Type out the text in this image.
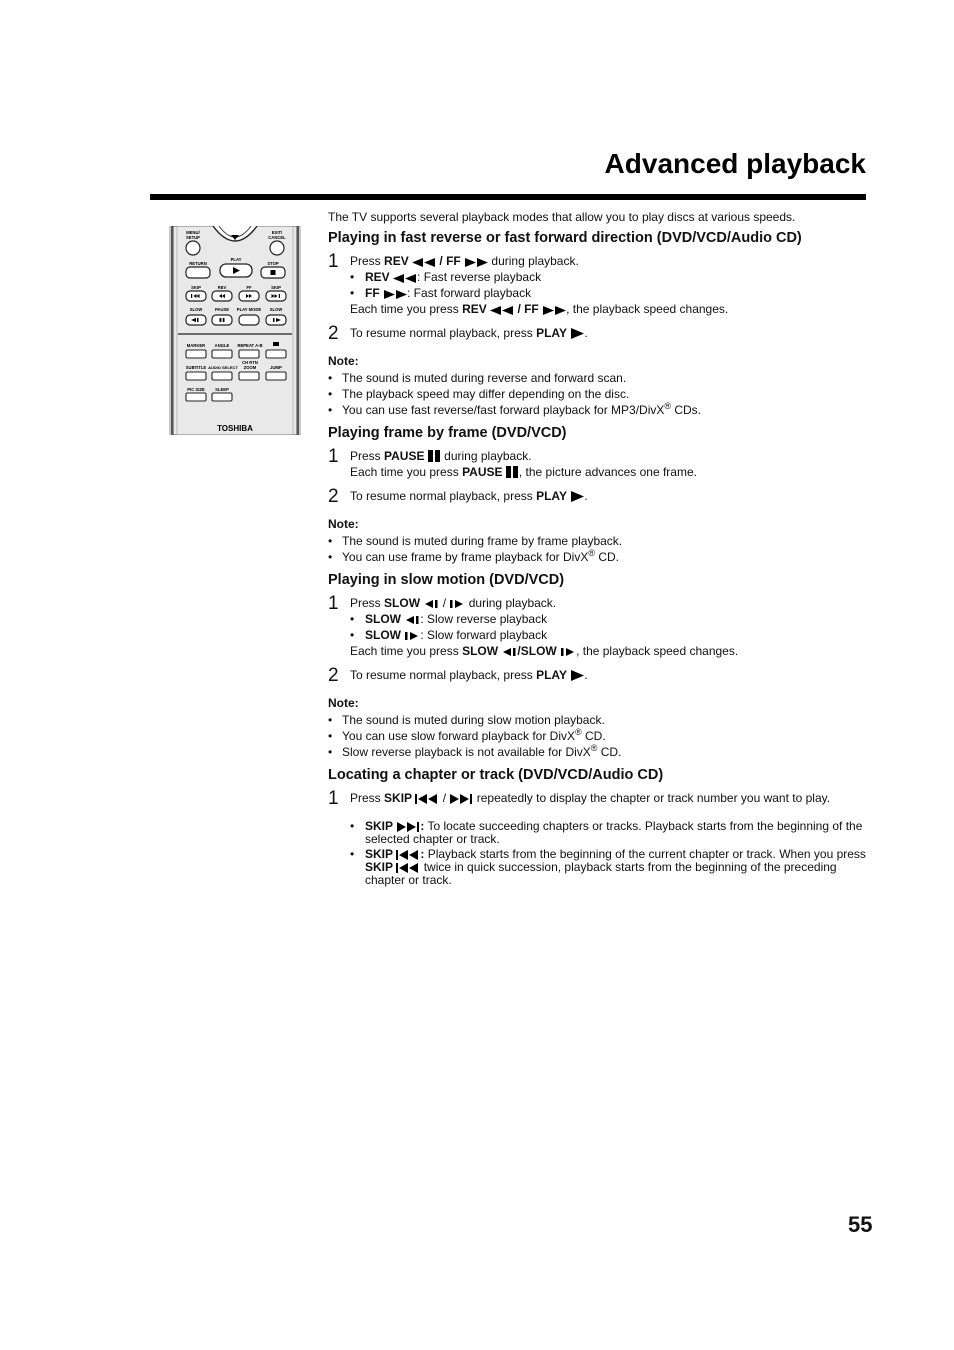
Advanced playback
MENU/
SETUP
EXIT/
CANCEL
RETURN
PLAY
STOP
SKIP	REV	FF	SKIP
SLOW	PAUSE PLAY MODE SLOW
MARKER ANGLE REPEAT A-B
CH RTN
SUBTITLE AUDIO SELECT ZOOM	JUMP
PIC SIZE SLEEP
TOSHIBA

The TV supports several playback modes that allow you to play discs at various speeds.

Playing in fast reverse or fast forward direction (DVD/VCD/Audio CD)
1 Press REV	/ FF	during playback.

• REV : Fast reverse playback
• FF : Fast forward playback

Each time you press REV	/ FF , the playback speed changes.

2 To resume normal playback, press PLAY .

Note:

• The sound is muted during reverse and forward scan.
• The playback speed may differ depending on the disc.
• You can use fast reverse/fast forward playback for MP3/DivX® CDs.
Playing frame by frame (DVD/VCD)
1 Press PAUSE during playback.

Each time you press PAUSE , the picture advances one frame.

2 To resume normal playback, press PLAY .

Note:

• The sound is muted during frame by frame playback.
• You can use frame by frame playback for DivX® CD.
Playing in slow motion (DVD/VCD)
1 Press SLOW / during playback.

• SLOW : Slow reverse playback
• SLOW : Slow forward playback

Each time you press SLOW /SLOW , the playback speed changes.

2 To resume normal playback, press PLAY .

Note:

• The sound is muted during slow motion playback.
• You can use slow forward playback for DivX® CD.
• Slow reverse playback is not available for DivX® CD.
Locating a chapter or track (DVD/VCD/Audio CD)
1 Press SKIP	/	repeatedly to display the chapter or track number you want to play.

• SKIP : To locate succeeding chapters or tracks. Playback starts from the beginning of the selected chapter or track.
• SKIP : Playback starts from the beginning of the current chapter or track. When you press SKIP	twice in quick succession, playback starts from the beginning of the preceding chapter or track.

55
